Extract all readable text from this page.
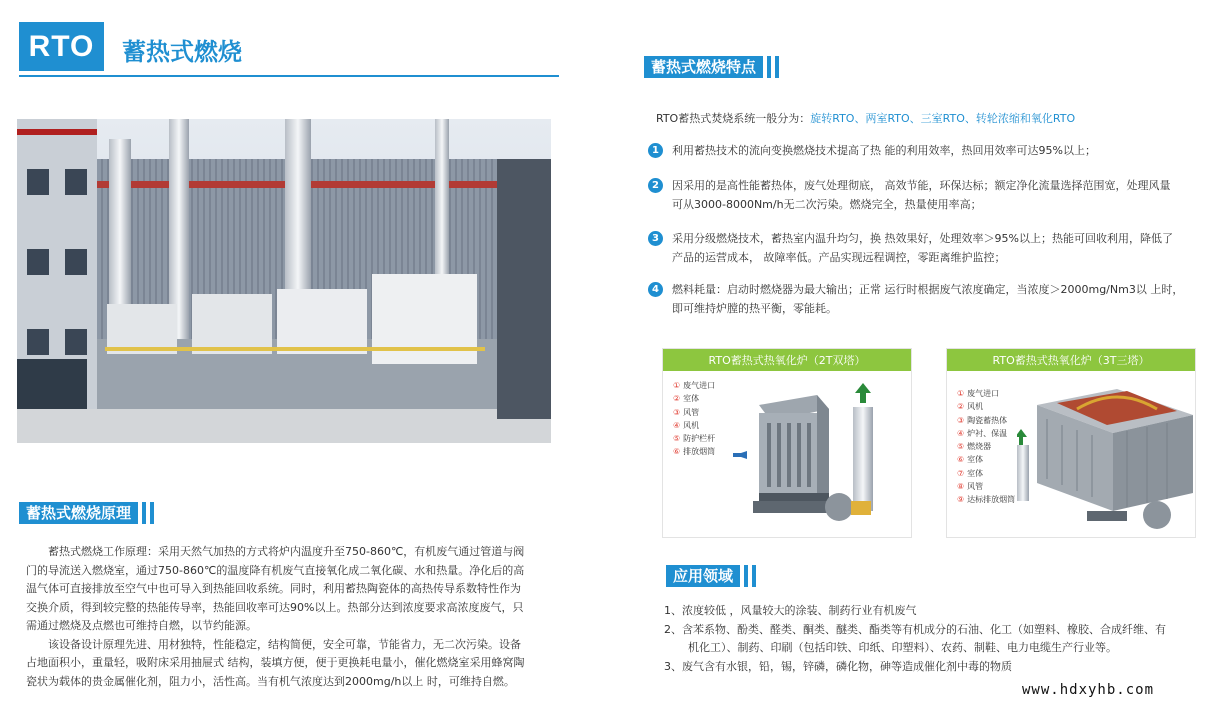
RTO	蓄热式燃烧
蓄热式燃烧原理
蓄热式燃烧工作原理：采用天然气加热的方式将炉内温度升至750-860℃，有机废气通过管道与阀
门的导流送入燃烧室，通过750-860℃的温度降有机废气直接氧化成二氧化碳、水和热量。净化后的高
温气体可直接排放至空气中也可导入到热能回收系统。同时，利用蓄热陶瓷体的高热传导系数特性作为
交换介质，得到较完整的热能传导率，热能回收率可达90%以上。热部分达到浓度要求高浓度废气，只
需通过燃烧及点燃也可维持自燃，以节约能源。
该设备设计原理先进、用材独特，性能稳定，结构简便，安全可靠，节能省力，无二次污染。设备
占地面积小，重量轻，吸附床采用抽屉式 结构，装填方便，便于更换耗电量小，催化燃烧室采用蜂窝陶
瓷状为载体的贵金属催化剂，阻力小，活性高。当有机气浓度达到2000mg/h以上 时，可维持自燃。
蓄热式燃烧特点
RTO蓄热式焚烧系统一般分为：旋转RTO、两室RTO、三室RTO、转轮浓缩和氧化RTO
1	利用蓄热技术的流向变换燃烧技术提高了热 能的利用效率，热回用效率可达95%以上；
2	因采用的是高性能蓄热体，废气处理彻底， 高效节能，环保达标；额定净化流量选择范围宽，处理风量
可从3000-8000Nm/h无二次污染。燃烧完全，热量使用率高；
3	采用分级燃烧技术，蓄热室内温升均匀，换 热效果好，处理效率＞95%以上；热能可回收利用，降低了
产品的运营成本， 故障率低。产品实现远程调控，零距离维护监控；
4	燃料耗量：启动时燃烧器为最大输出；正常 运行时根据废气浓度确定，当浓度＞2000mg/Nm3以 上时，
即可维持炉膛的热平衡，零能耗。
RTO蓄热式热氧化炉（2T双塔）
① 废气进口
② 室体
③ 风管
④ 风机
⑤ 防护栏杆
⑥ 排放烟筒
RTO蓄热式热氧化炉（3T三塔）
① 废气进口
② 风机
③ 陶瓷蓄热体
④ 炉衬、保温
⑤ 燃烧器
⑥ 室体
⑦ 室体
⑧ 风管
⑨ 达标排放烟筒
应用领域
1、浓度较低 ，风量较大的涂装、制药行业有机废气
2、含苯系物、酚类、醛类、酮类、醚类、酯类等有机成分的石油、化工（如塑料、橡胶、合成纤维、有
机化工）、制药、印刷（包括印铁、印纸、印塑料）、农药、制鞋、电力电缆生产行业等。
3、废气含有水银，铅，锡，锌磷，磷化物，砷等造成催化剂中毒的物质
www.hdxyhb.com
